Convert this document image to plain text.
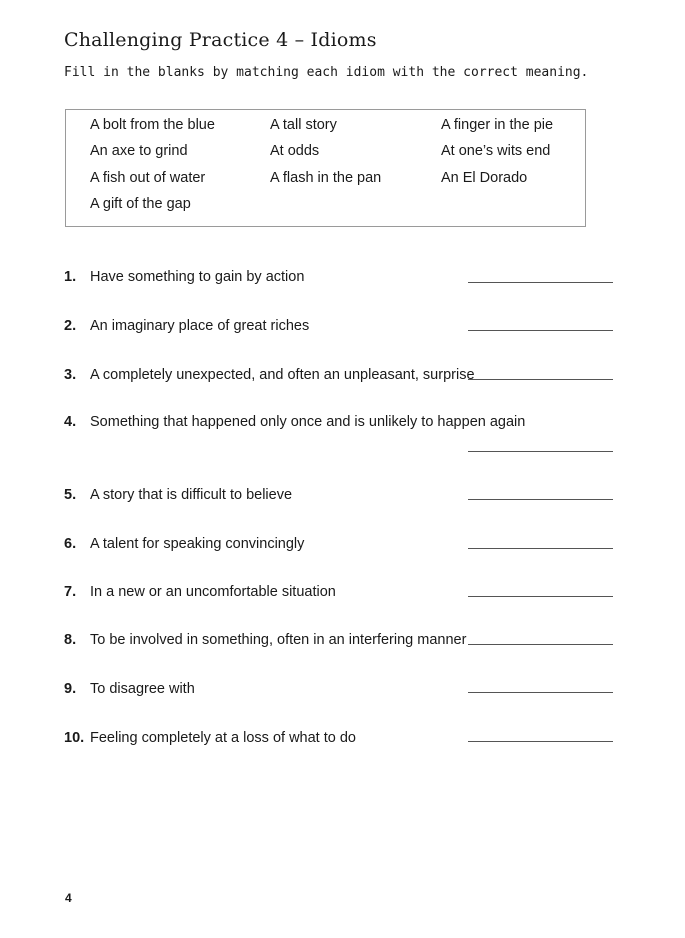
Challenging Practice 4 – Idioms

Fill in the blanks by matching each idiom with the correct meaning.

A bolt from the blue	A tall story	A finger in the pie
An axe to grind	At odds	At one’s wits end
A fish out of water	A flash in the pan	An El Dorado
A gift of the gap
1. Have something to gain by action
2. An imaginary place of great riches
3. A completely unexpected, and often an unpleasant, surprise
4. Something that happened only once and is unlikely to happen again
5. A story that is difficult to believe
6. A talent for speaking convincingly
7. In a new or an uncomfortable situation
8. To be involved in something, often in an interfering manner
9. To disagree with
10. Feeling completely at a loss of what to do

4
